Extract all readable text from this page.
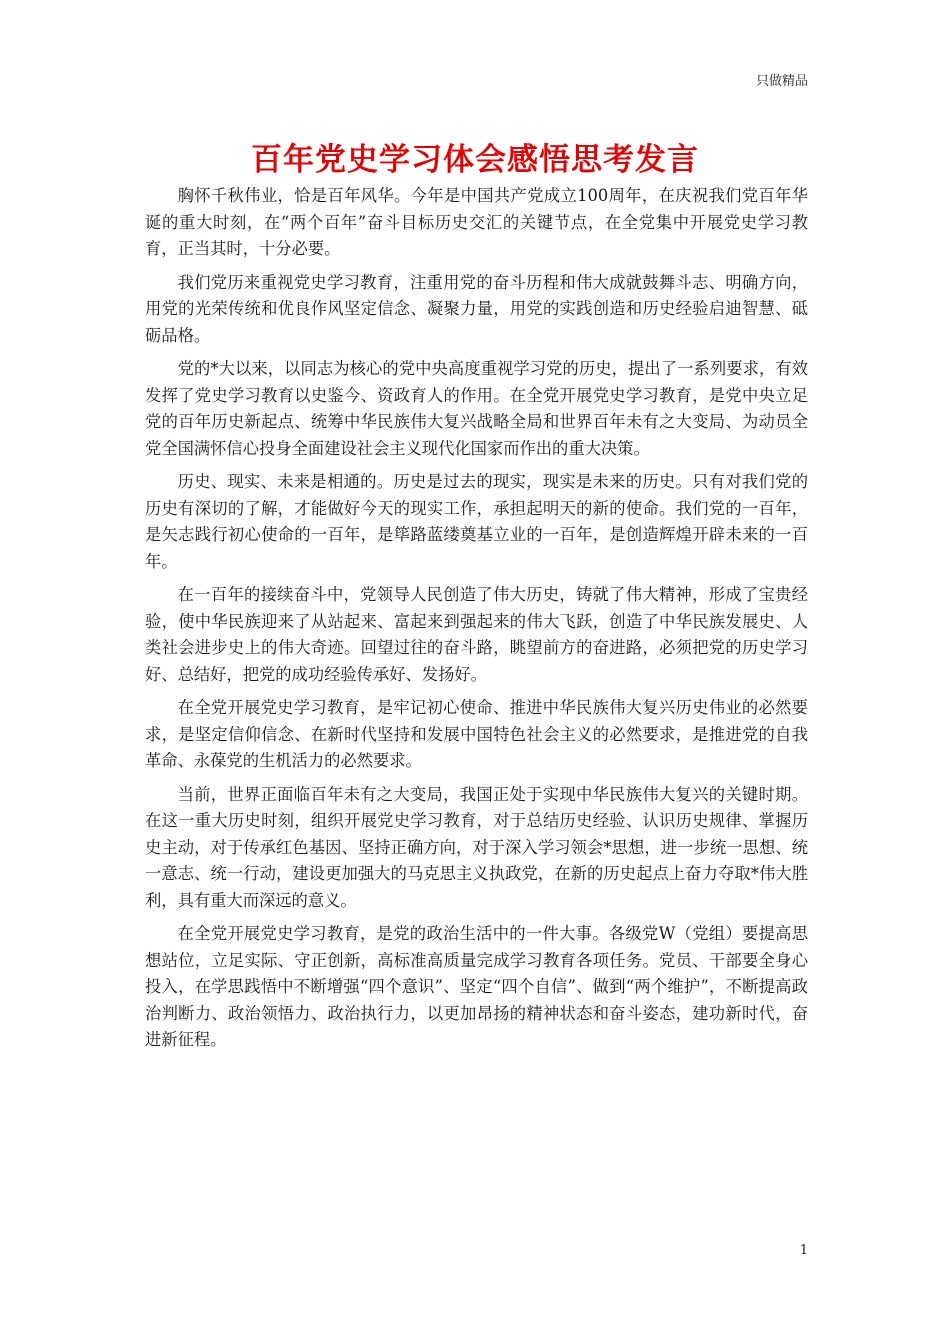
只做精品
百年党史学习体会感悟思考发言

胸怀千秋伟业，恰是百年风华。今年是中国共产党成立100周年，在庆祝我们党百年华诞的重大时刻，在“两个百年”奋斗目标历史交汇的关键节点，在全党集中开展党史学习教育，正当其时，十分必要。

我们党历来重视党史学习教育，注重用党的奋斗历程和伟大成就鼓舞斗志、明确方向，用党的光荣传统和优良作风坚定信念、凝聚力量，用党的实践创造和历史经验启迪智慧、砥砺品格。

党的*大以来，以同志为核心的党中央高度重视学习党的历史，提出了一系列要求，有效发挥了党史学习教育以史鉴今、资政育人的作用。在全党开展党史学习教育，是党中央立足党的百年历史新起点、统筹中华民族伟大复兴战略全局和世界百年未有之大变局、为动员全党全国满怀信心投身全面建设社会主义现代化国家而作出的重大决策。

历史、现实、未来是相通的。历史是过去的现实，现实是未来的历史。只有对我们党的历史有深切的了解，才能做好今天的现实工作，承担起明天的新的使命。我们党的一百年，是矢志践行初心使命的一百年，是筚路蓝缕奠基立业的一百年，是创造辉煌开辟未来的一百年。

在一百年的接续奋斗中，党领导人民创造了伟大历史，铸就了伟大精神，形成了宝贵经验，使中华民族迎来了从站起来、富起来到强起来的伟大飞跃，创造了中华民族发展史、人类社会进步史上的伟大奇迹。回望过往的奋斗路，眺望前方的奋进路，必须把党的历史学习好、总结好，把党的成功经验传承好、发扬好。

在全党开展党史学习教育，是牢记初心使命、推进中华民族伟大复兴历史伟业的必然要求，是坚定信仰信念、在新时代坚持和发展中国特色社会主义的必然要求，是推进党的自我革命、永葆党的生机活力的必然要求。

当前，世界正面临百年未有之大变局，我国正处于实现中华民族伟大复兴的关键时期。在这一重大历史时刻，组织开展党史学习教育，对于总结历史经验、认识历史规律、掌握历史主动，对于传承红色基因、坚持正确方向，对于深入学习领会*思想，进一步统一思想、统一意志、统一行动，建设更加强大的马克思主义执政党，在新的历史起点上奋力夺取*伟大胜利，具有重大而深远的意义。

在全党开展党史学习教育，是党的政治生活中的一件大事。各级党W（党组）要提高思想站位，立足实际、守正创新，高标准高质量完成学习教育各项任务。党员、干部要全身心投入，在学思践悟中不断增强“四个意识”、坚定“四个自信”、做到“两个维护”，不断提高政治判断力、政治领悟力、政治执行力，以更加昂扬的精神状态和奋斗姿态，建功新时代，奋进新征程。

1
